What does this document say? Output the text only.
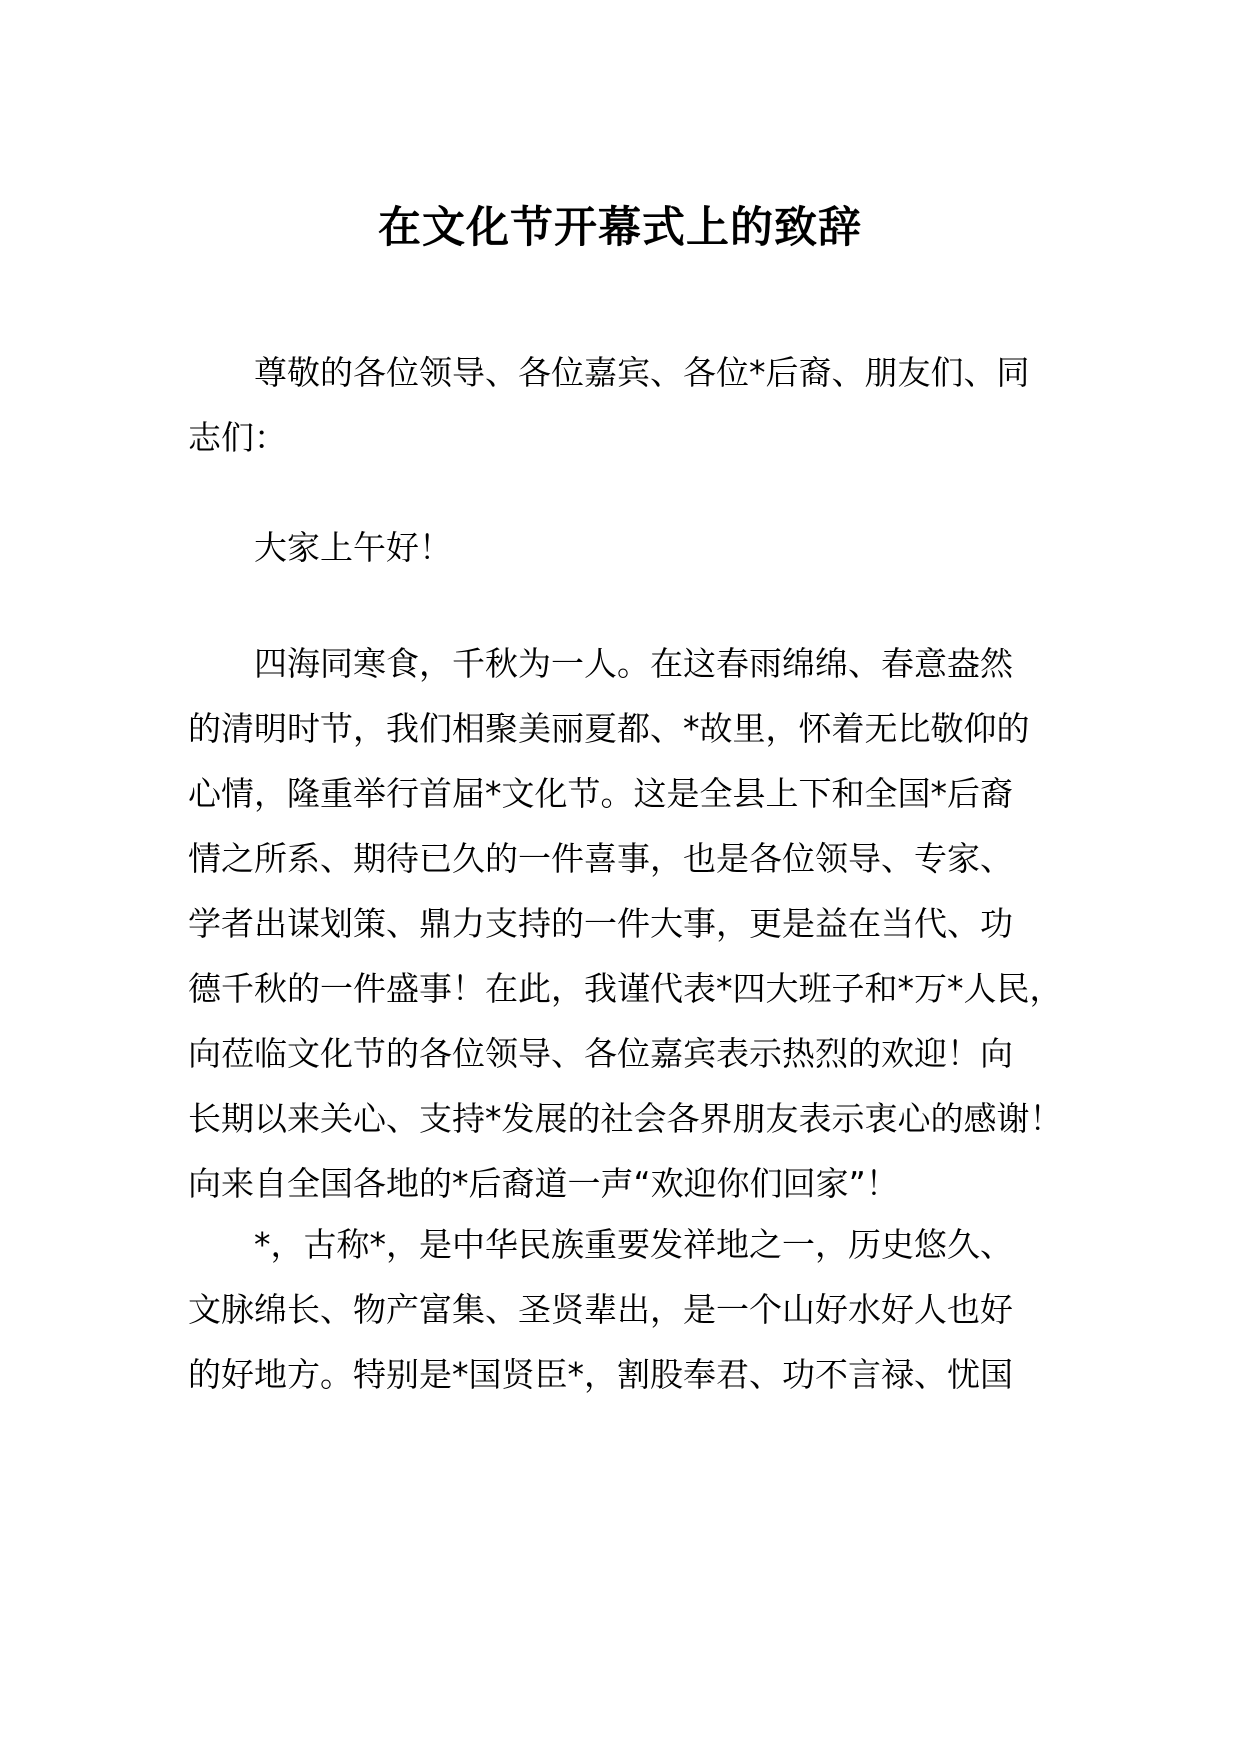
在文化节开幕式上的致辞

尊敬的各位领导、各位嘉宾、各位*后裔、朋友们、同
志们：

大家上午好！

四海同寒食，千秋为一人。在这春雨绵绵、春意盎然
的清明时节，我们相聚美丽夏都、*故里，怀着无比敬仰的
心情，隆重举行首届*文化节。这是全县上下和全国*后裔
情之所系、期待已久的一件喜事，也是各位领导、专家、
学者出谋划策、鼎力支持的一件大事，更是益在当代、功
德千秋的一件盛事！在此，我谨代表*四大班子和*万*人民，
向莅临文化节的各位领导、各位嘉宾表示热烈的欢迎！向
长期以来关心、支持*发展的社会各界朋友表示衷心的感谢！
向来自全国各地的*后裔道一声“欢迎你们回家”！

*，古称*，是中华民族重要发祥地之一，历史悠久、
文脉绵长、物产富集、圣贤辈出，是一个山好水好人也好
的好地方。特别是*国贤臣*，割股奉君、功不言禄、忧国
